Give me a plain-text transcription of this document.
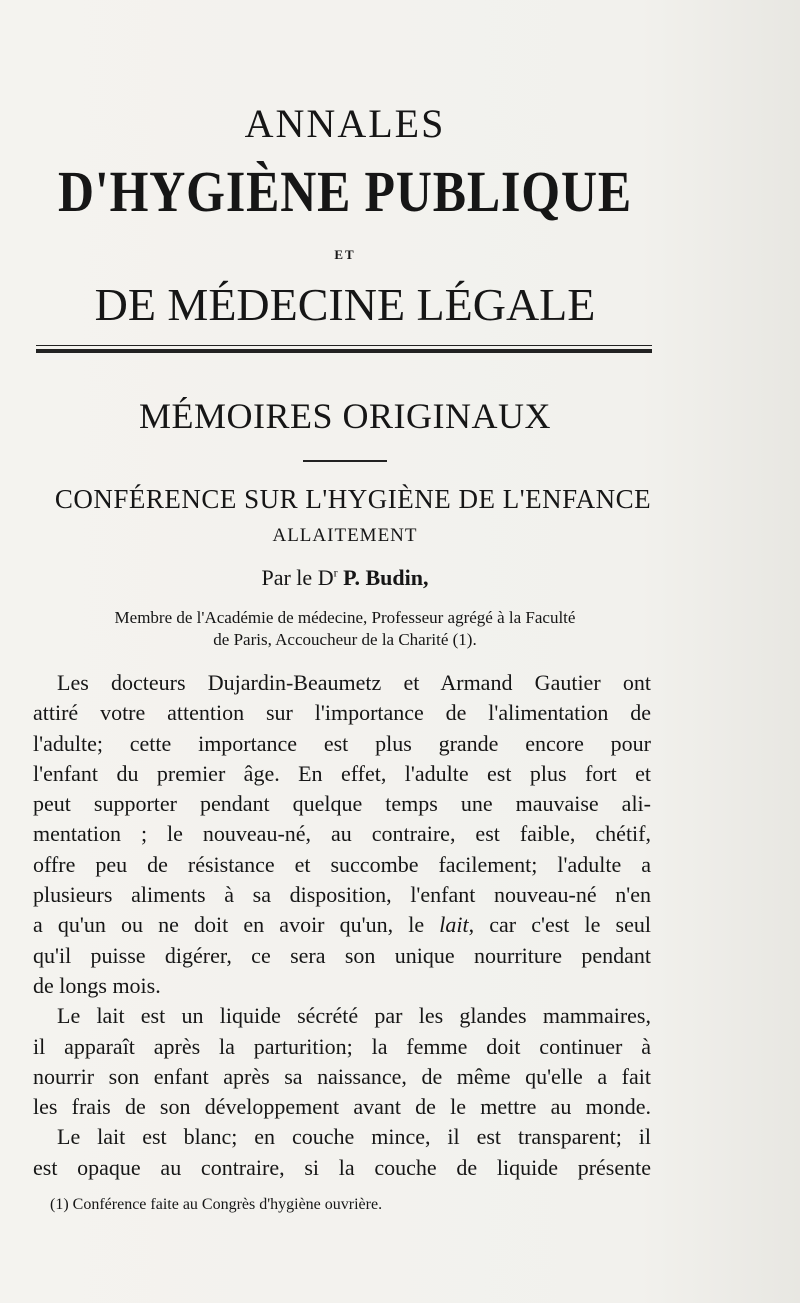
ANNALES
D'HYGIÈNE PUBLIQUE
ET
DE MÉDECINE LÉGALE
MÉMOIRES ORIGINAUX
CONFÉRENCE SUR L'HYGIÈNE DE L'ENFANCE
ALLAITEMENT
Par le $D^r$ P. Budin,
Membre de l'Académie de médecine, Professeur agrégé à la Faculté
de Paris, Accoucheur de la Charité (1).

Les docteurs Dujardin-Beaumetz et Armand Gautier ont
attiré votre attention sur l'importance de l'alimentation de
l'adulte; cette importance est plus grande encore pour
l'enfant du premier âge. En effet, l'adulte est plus fort et
peut supporter pendant quelque temps une mauvaise ali-
mentation ; le nouveau-né, au contraire, est faible, chétif,
offre peu de résistance et succombe facilement; l'adulte a
plusieurs aliments à sa disposition, l'enfant nouveau-né n'en
a qu'un ou ne doit en avoir qu'un, le lait, car c'est le seul
qu'il puisse digérer, ce sera son unique nourriture pendant
de longs mois.

Le lait est un liquide sécrété par les glandes mammaires,
il apparaît après la parturition; la femme doit continuer à
nourrir son enfant après sa naissance, de même qu'elle a fait
les frais de son développement avant de le mettre au monde.

Le lait est blanc; en couche mince, il est transparent; il
est opaque au contraire, si la couche de liquide présente

(1) Conférence faite au Congrès d'hygiène ouvrière.
